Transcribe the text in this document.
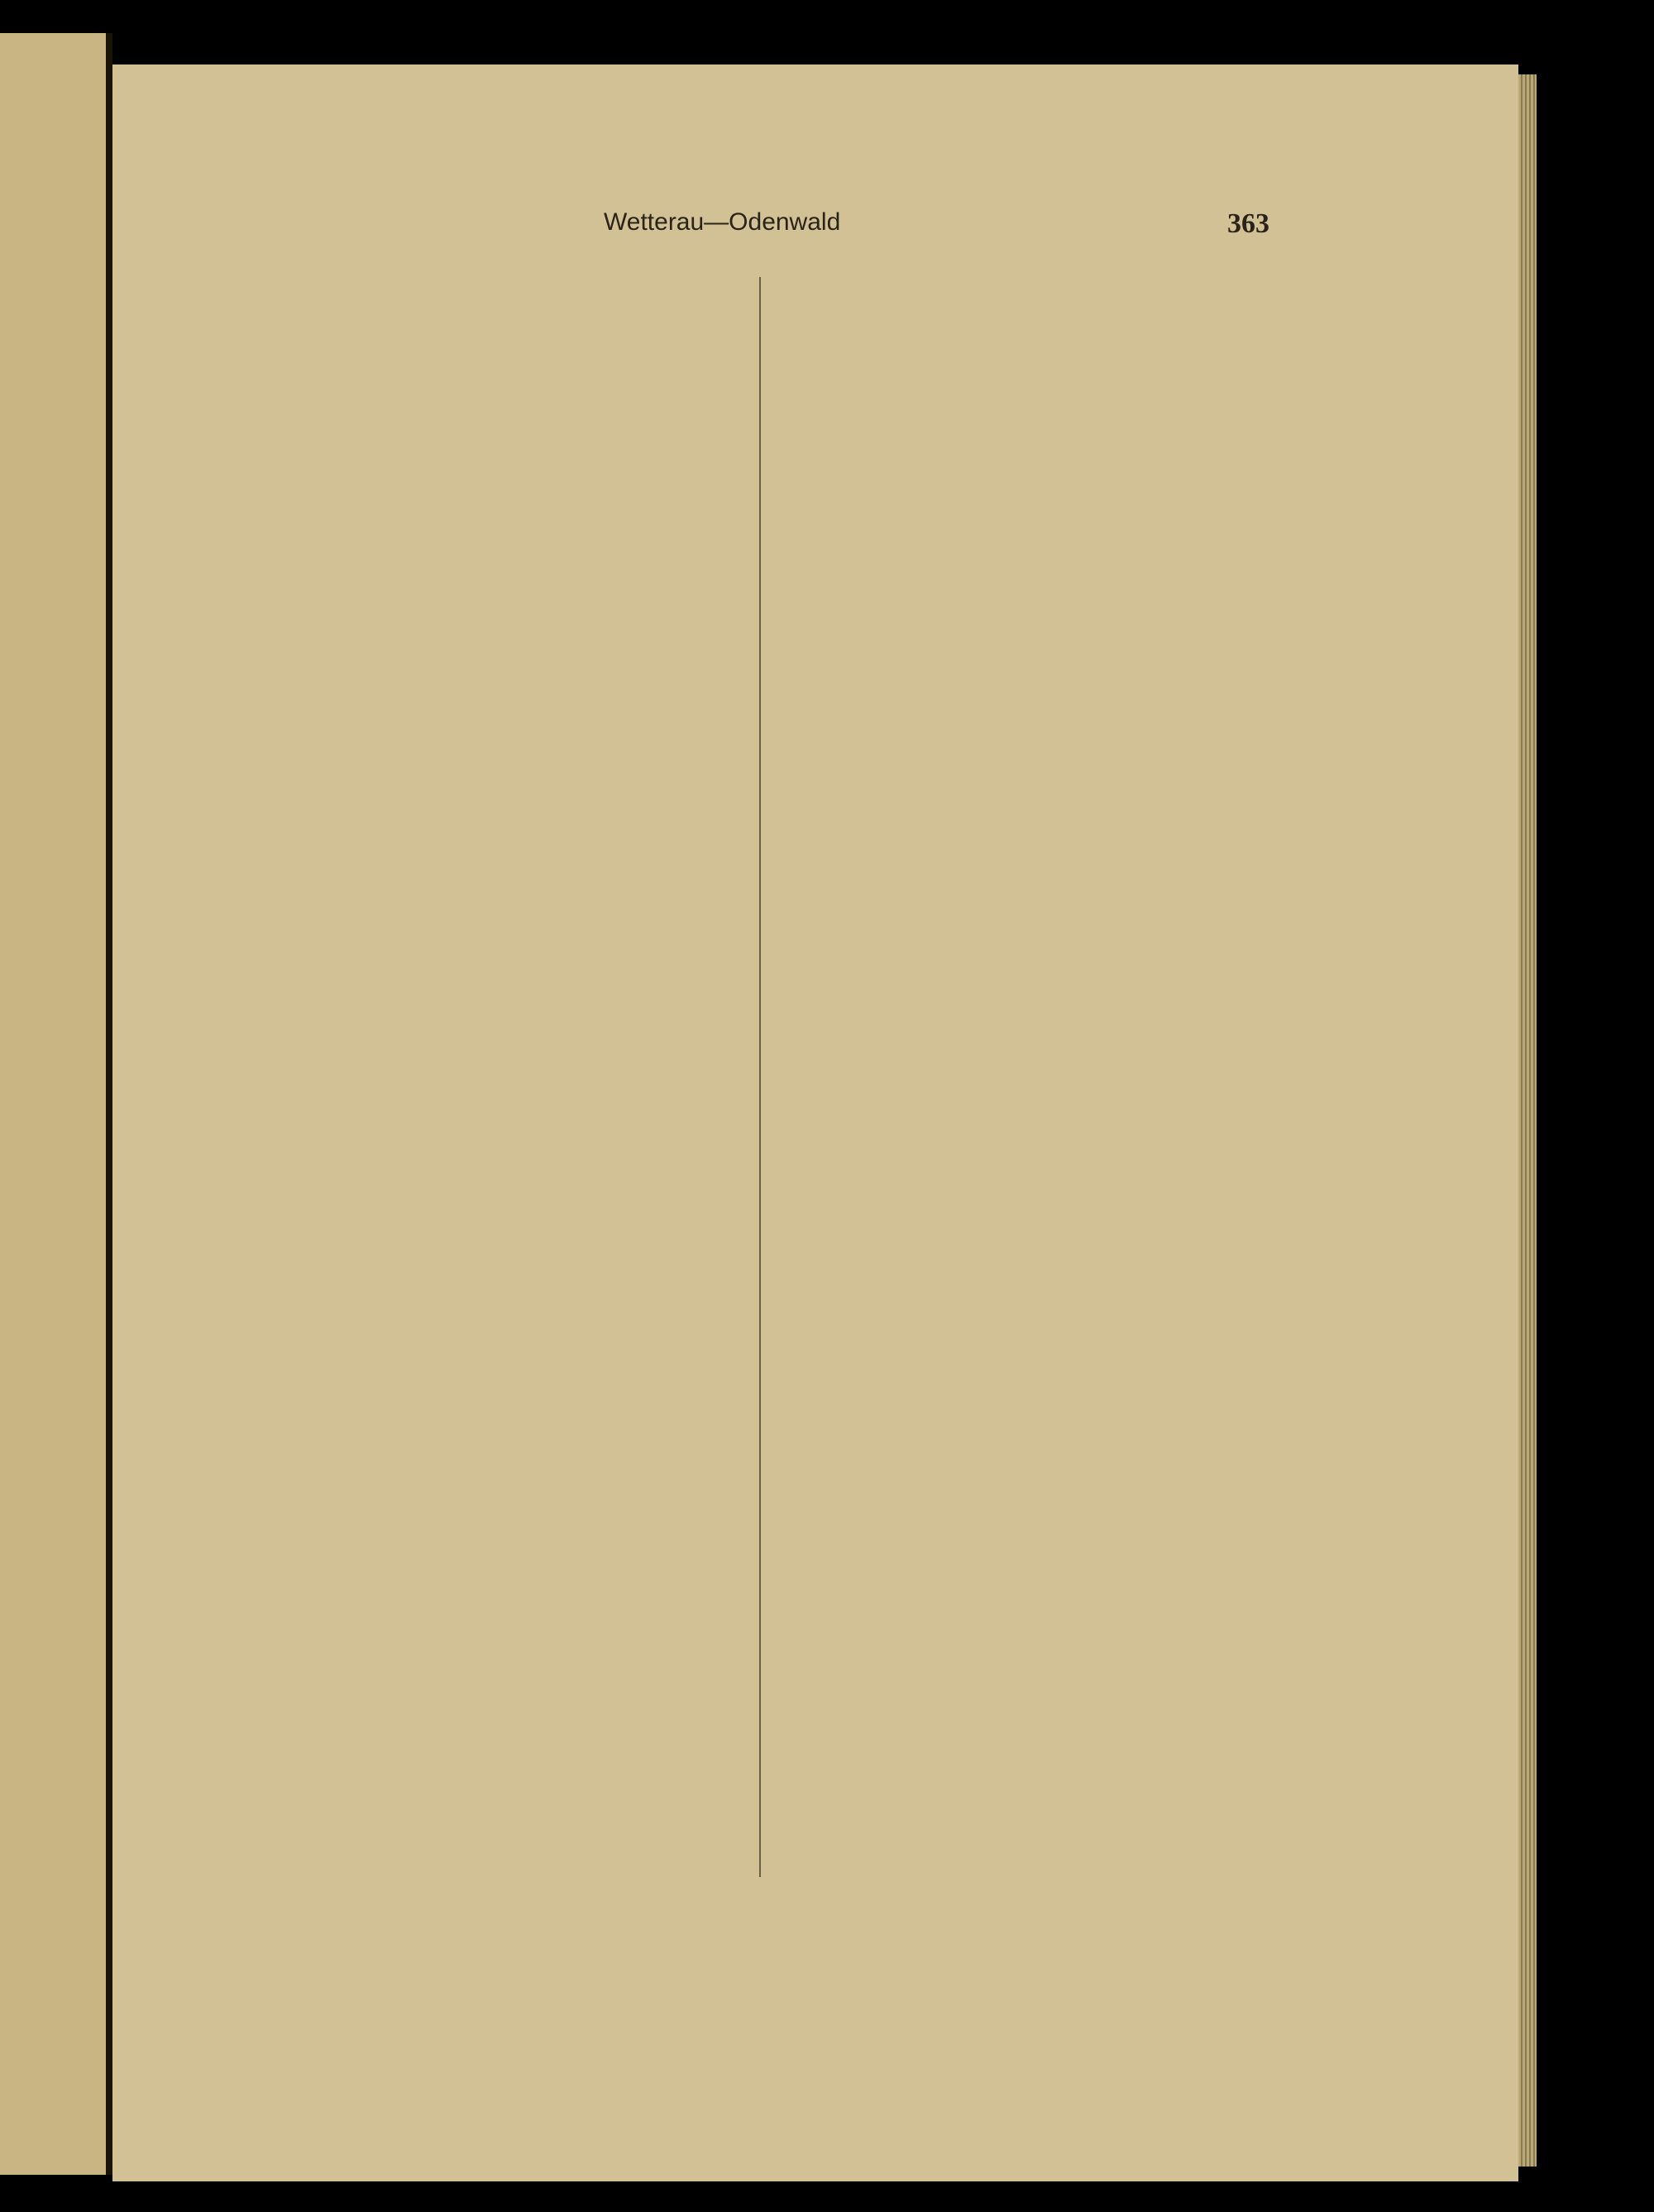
Wetterau—Odenwald	363
